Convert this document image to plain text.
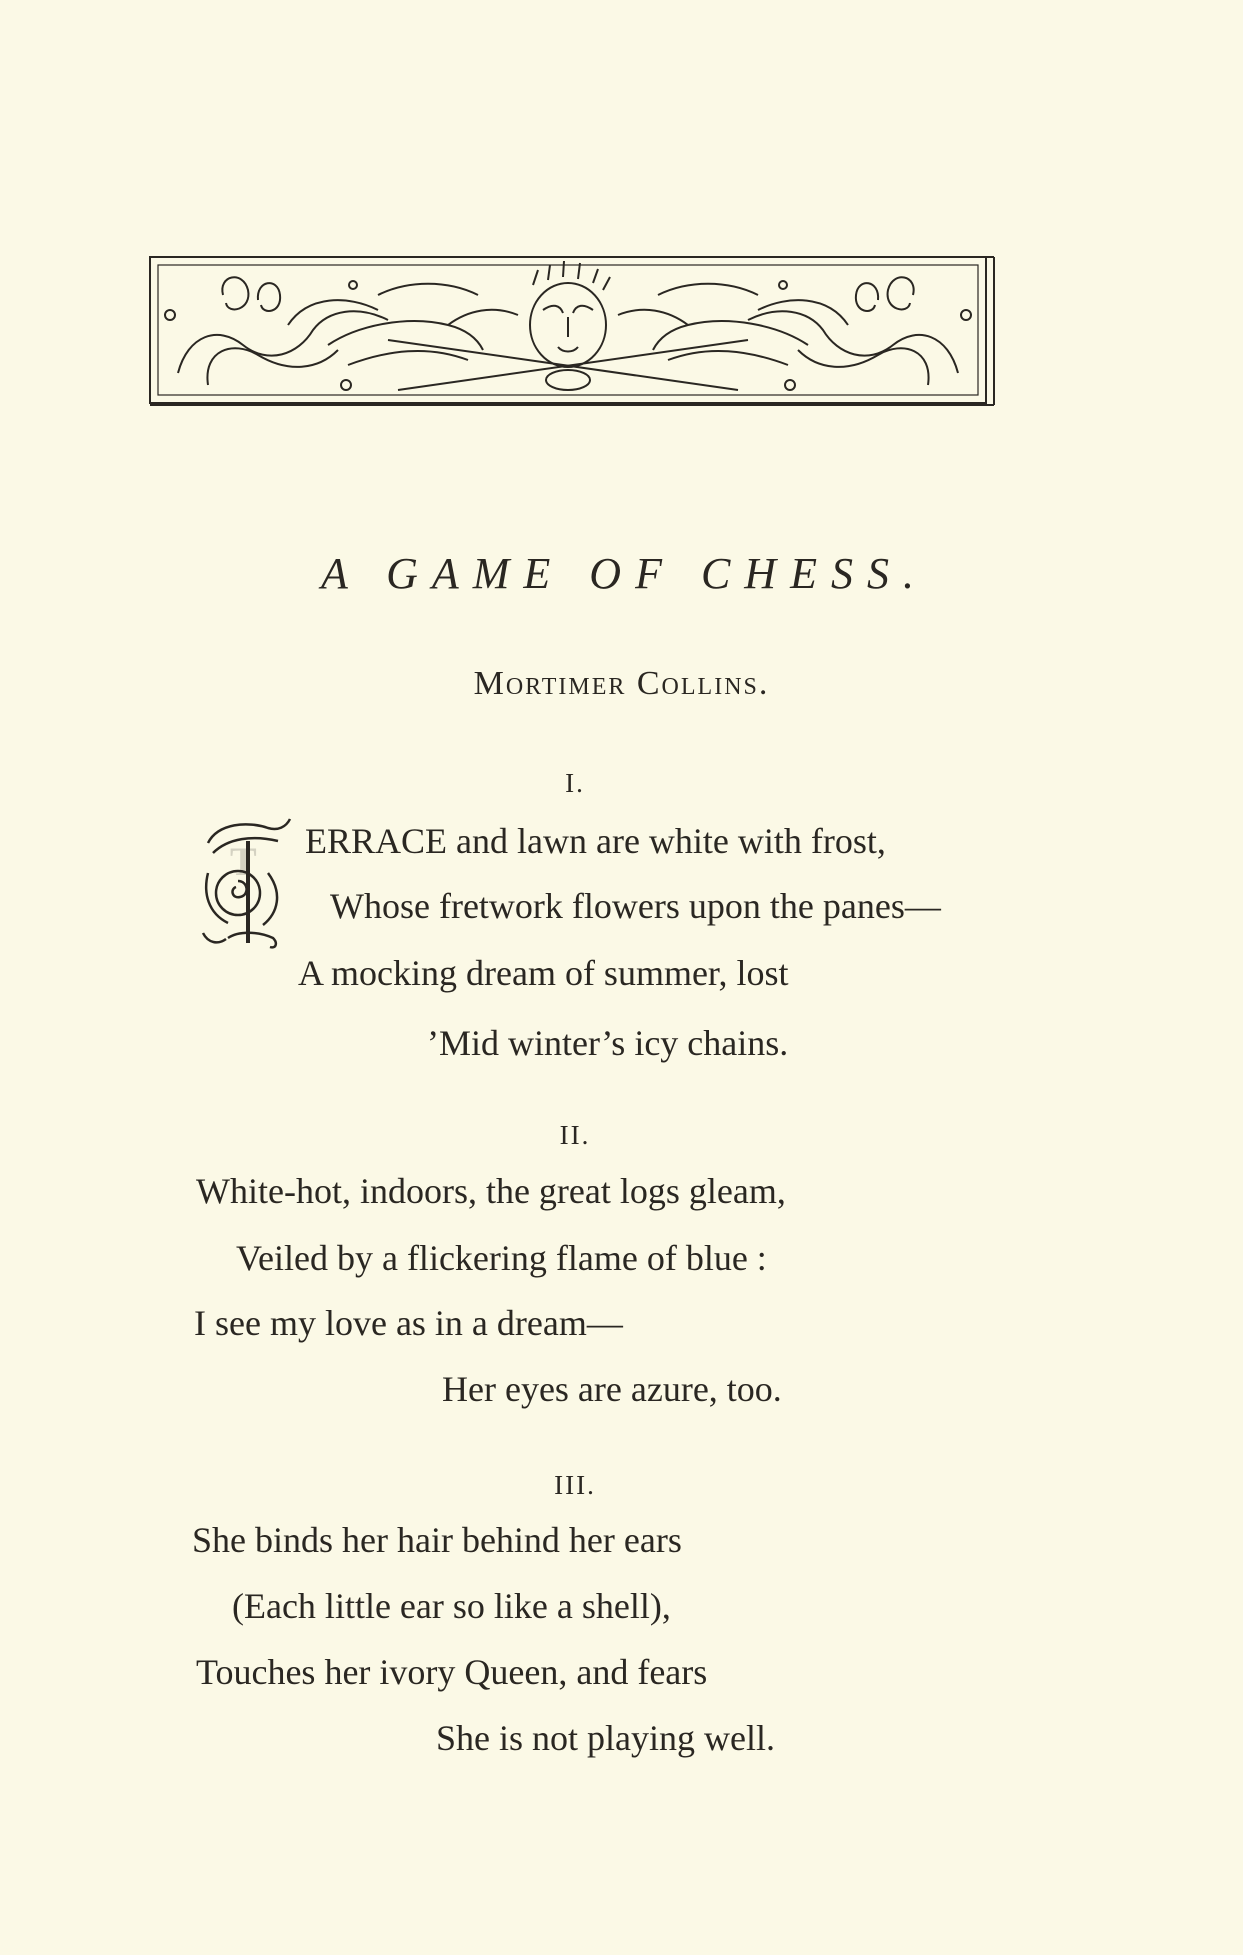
A GAME OF CHESS.
Mortimer Collins.
I.
T ERRACE and lawn are white with frost,
Whose fretwork flowers upon the panes—
A mocking dream of summer, lost
’Mid winter’s icy chains.
II.
White-hot, indoors, the great logs gleam,
Veiled by a flickering flame of blue :
I see my love as in a dream—
Her eyes are azure, too.
III.
She binds her hair behind her ears
(Each little ear so like a shell),
Touches her ivory Queen, and fears
She is not playing well.
